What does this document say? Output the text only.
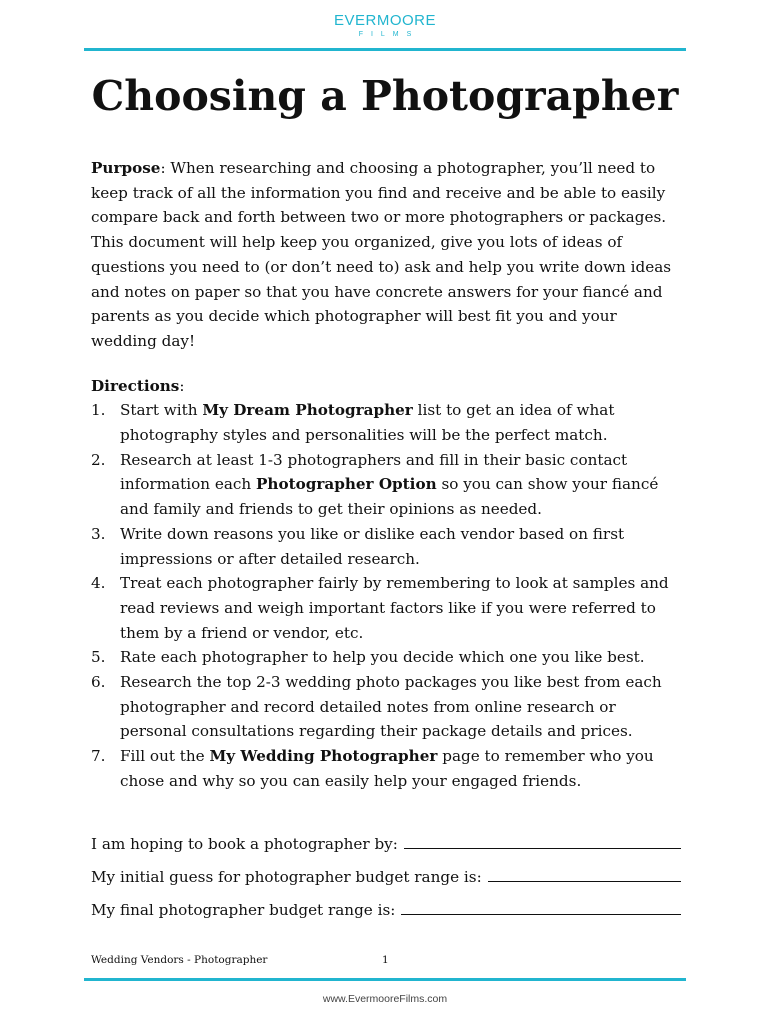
EVERMOORE
FILMS
Choosing a Photographer

Purpose: When researching and choosing a photographer, you’ll need to keep track of all the information you find and receive and be able to easily compare back and forth between two or more photographers or packages. This document will help keep you organized, give you lots of ideas of questions you need to (or don’t need to) ask and help you write down ideas and notes on paper so that you have concrete answers for your fiancé and parents as you decide which photographer will best fit you and your wedding day!

Directions:

1. Start with My Dream Photographer list to get an idea of what photography styles and personalities will be the perfect match.
2. Research at least 1-3 photographers and fill in their basic contact information each Photographer Option so you can show your fiancé and family and friends to get their opinions as needed.
3. Write down reasons you like or dislike each vendor based on first impressions or after detailed research.
4. Treat each photographer fairly by remembering to look at samples and read reviews and weigh important factors like if you were referred to them by a friend or vendor, etc.
5. Rate each photographer to help you decide which one you like best.
6. Research the top 2-3 wedding photo packages you like best from each photographer and record detailed notes from online research or personal consultations regarding their package details and prices.
7. Fill out the My Wedding Photographer page to remember who you chose and why so you can easily help your engaged friends.
I am hoping to book a photographer by:
My initial guess for photographer budget range is:
My final photographer budget range is:
Wedding Vendors - Photographer	1
www.EvermooreFilms.com
